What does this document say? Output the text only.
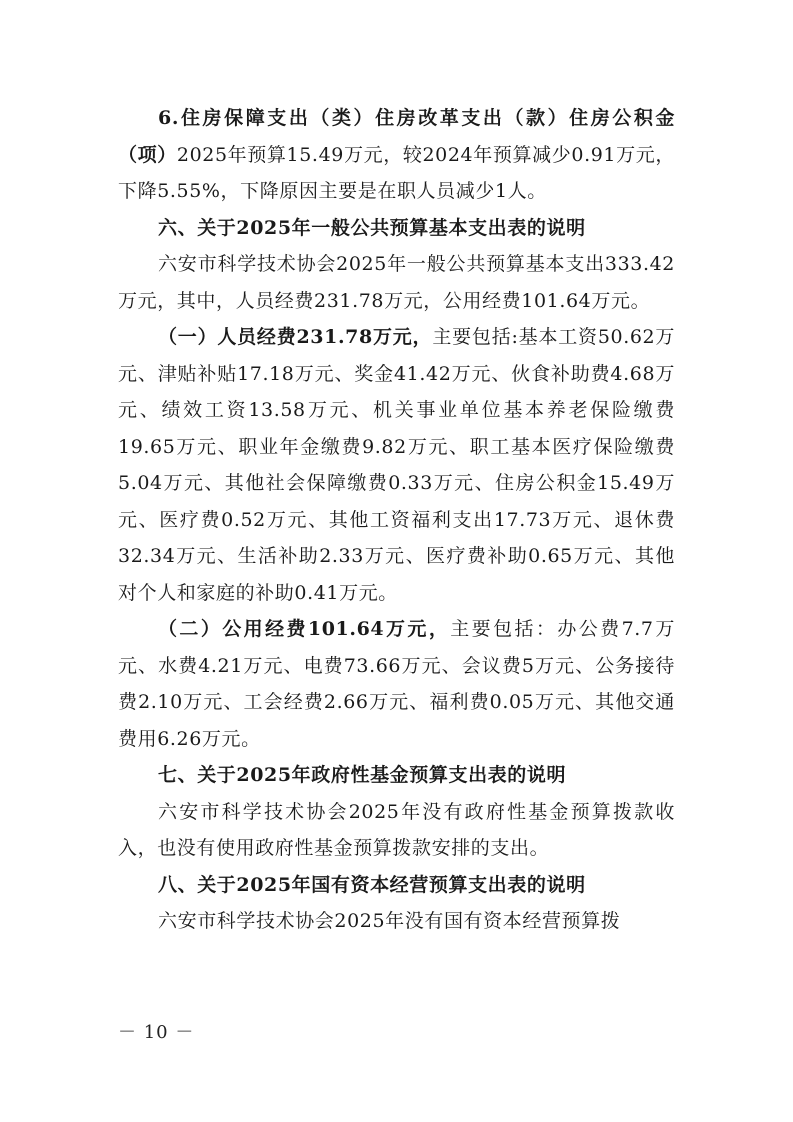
6.住房保障支出（类）住房改革支出（款）住房公积金（项）2025年预算15.49万元，较2024年预算减少0.91万元，下降5.55%，下降原因主要是在职人员减少1人。

六、关于2025年一般公共预算基本支出表的说明

六安市科学技术协会2025年一般公共预算基本支出333.42万元，其中，人员经费231.78万元，公用经费101.64万元。

（一）人员经费231.78万元，主要包括:基本工资50.62万元、津贴补贴17.18万元、奖金41.42万元、伙食补助费4.68万元、绩效工资13.58万元、机关事业单位基本养老保险缴费19.65万元、职业年金缴费9.82万元、职工基本医疗保险缴费5.04万元、其他社会保障缴费0.33万元、住房公积金15.49万元、医疗费0.52万元、其他工资福利支出17.73万元、退休费32.34万元、生活补助2.33万元、医疗费补助0.65万元、其他对个人和家庭的补助0.41万元。

（二）公用经费101.64万元，主要包括：办公费7.7万元、水费4.21万元、电费73.66万元、会议费5万元、公务接待费2.10万元、工会经费2.66万元、福利费0.05万元、其他交通费用6.26万元。

七、关于2025年政府性基金预算支出表的说明

六安市科学技术协会2025年没有政府性基金预算拨款收入，也没有使用政府性基金预算拨款安排的支出。

八、关于2025年国有资本经营预算支出表的说明

六安市科学技术协会2025年没有国有资本经营预算拨

－ 10 －
